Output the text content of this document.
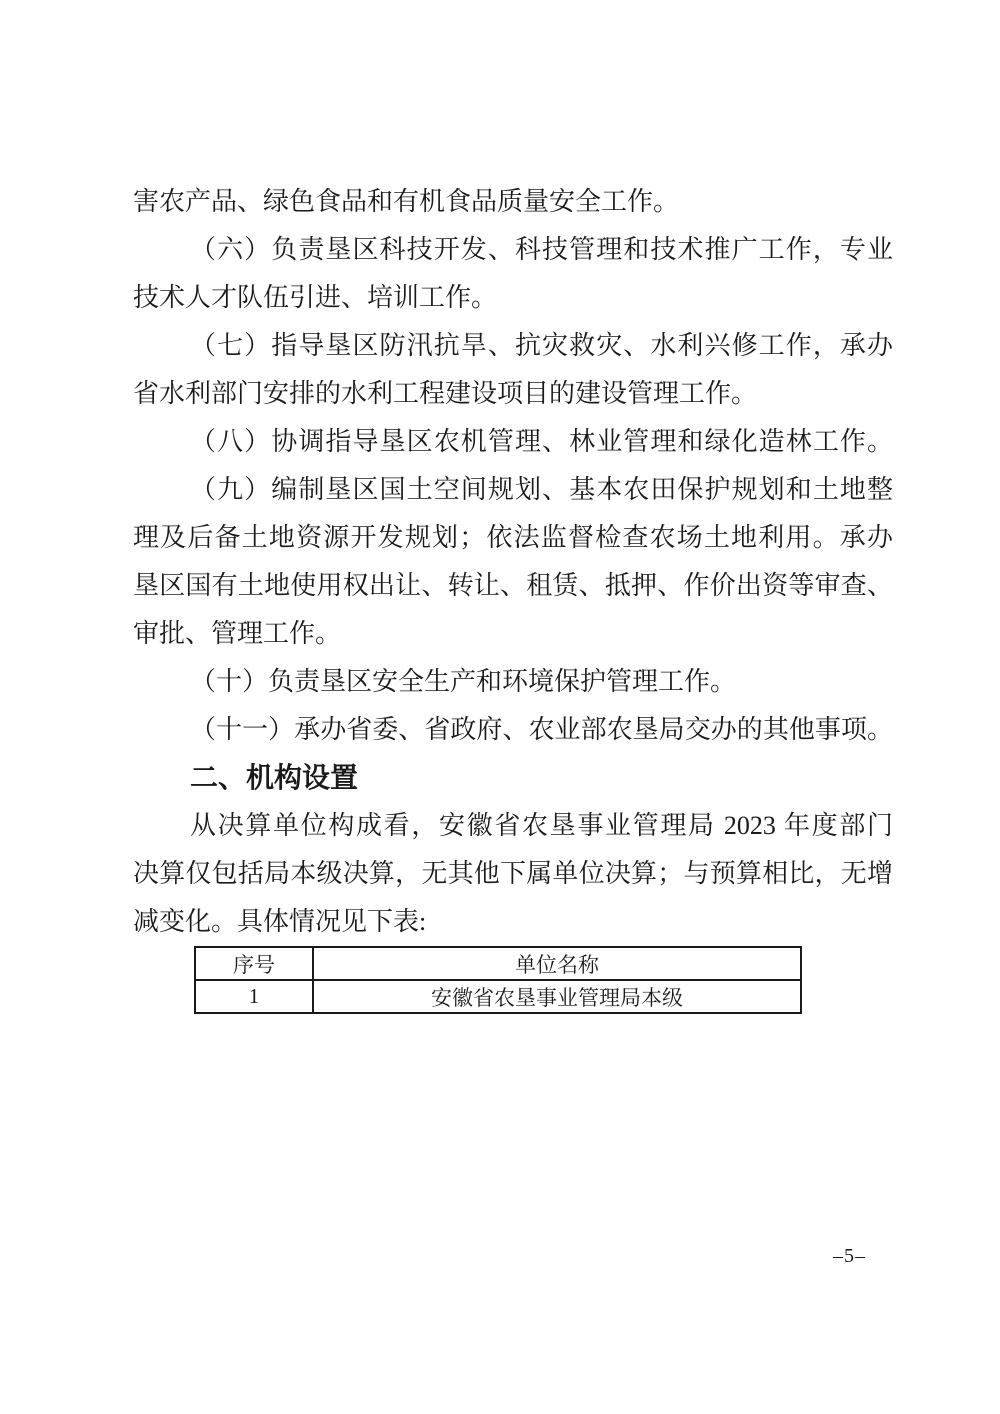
害农产品、绿色食品和有机食品质量安全工作。
（六）负责垦区科技开发、科技管理和技术推广工作，专业
技术人才队伍引进、培训工作。
（七）指导垦区防汛抗旱、抗灾救灾、水利兴修工作，承办
省水利部门安排的水利工程建设项目的建设管理工作。
（八）协调指导垦区农机管理、林业管理和绿化造林工作。
（九）编制垦区国土空间规划、基本农田保护规划和土地整
理及后备土地资源开发规划；依法监督检查农场土地利用。承办
垦区国有土地使用权出让、转让、租赁、抵押、作价出资等审查、
审批、管理工作。
（十）负责垦区安全生产和环境保护管理工作。
（十一）承办省委、省政府、农业部农垦局交办的其他事项。
二、机构设置
从决算单位构成看，安徽省农垦事业管理局 2023 年度部门
决算仅包括局本级决算，无其他下属单位决算；与预算相比，无增
减变化。具体情况见下表:
序号	单位名称
1	安徽省农垦事业管理局本级
–5–
